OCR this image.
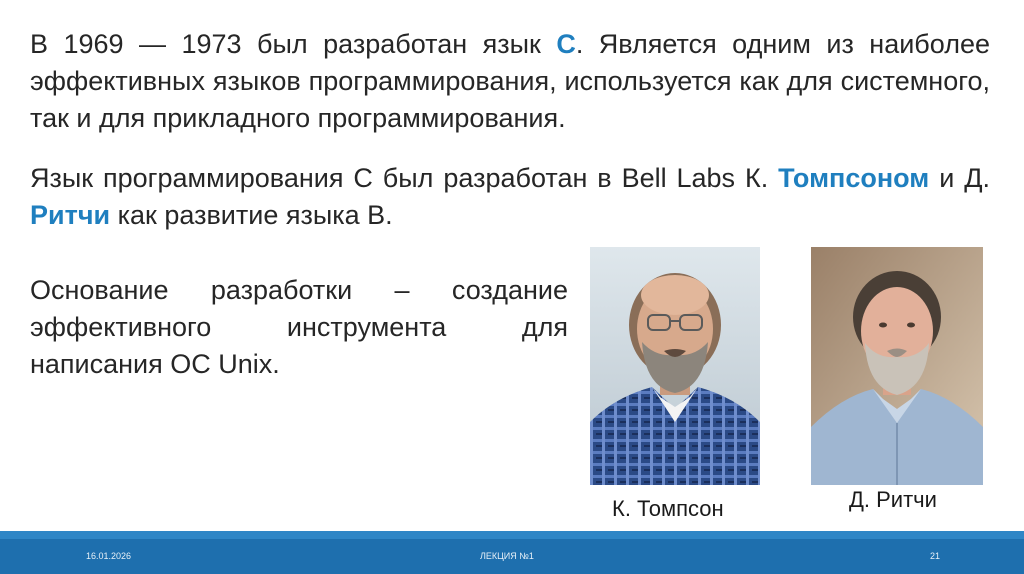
В 1969 — 1973 был разработан язык C. Является одним из наиболее эффективных языков программирования, используется как для системного, так и для прикладного программирования.

Язык программирования С был разработан в Bell Labs К. Томпсоном и Д. Ритчи как развитие языка B.

Основание разработки – создание эффективного инструмента для написания ОС Unix.

К. Томпсон	Д. Ритчи
16.01.2026	ЛЕКЦИЯ №1	21
